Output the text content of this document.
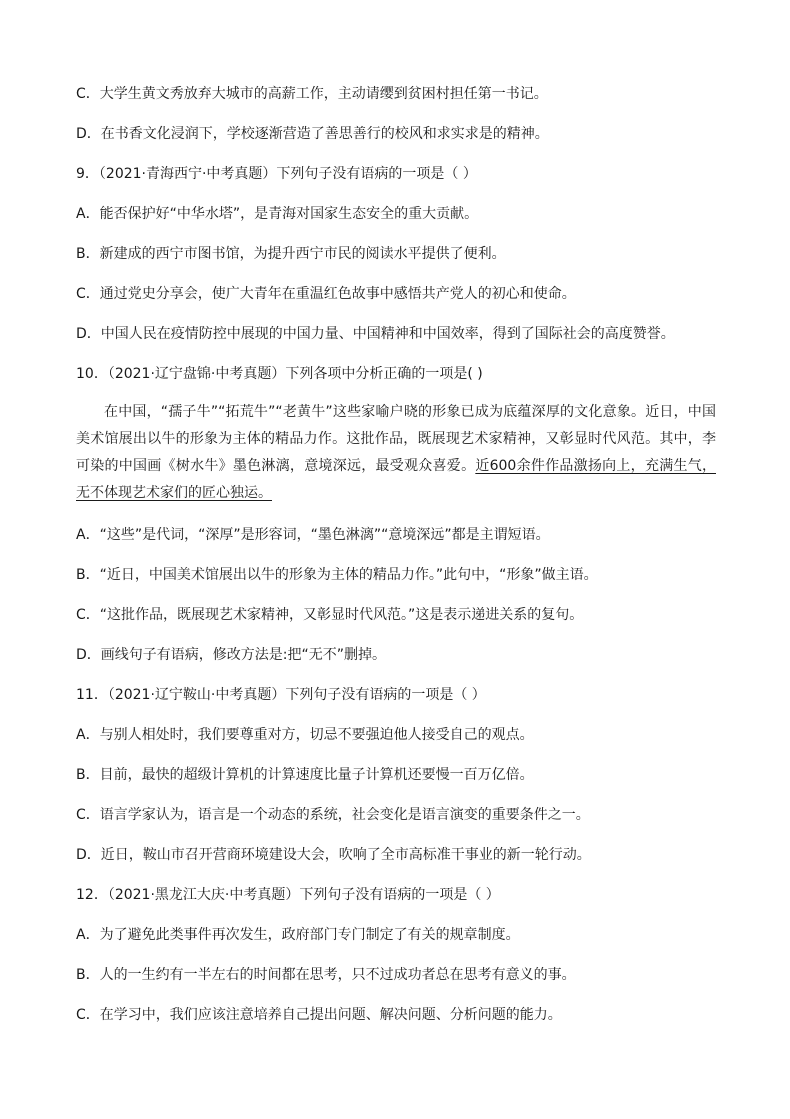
C．大学生黄文秀放弃大城市的高薪工作，主动请缨到贫困村担任第一书记。
D．在书香文化浸润下，学校逐渐营造了善思善行的校风和求实求是的精神。
9．（2021·青海西宁·中考真题）下列句子没有语病的一项是（ ）
A．能否保护好“中华水塔”，是青海对国家生态安全的重大贡献。
B．新建成的西宁市图书馆，为提升西宁市民的阅读水平提供了便利。
C．通过党史分享会，使广大青年在重温红色故事中感悟共产党人的初心和使命。
D．中国人民在疫情防控中展现的中国力量、中国精神和中国效率，得到了国际社会的高度赞誉。
10．（2021·辽宁盘锦·中考真题）下列各项中分析正确的一项是( )
在中国，“孺子牛”“拓荒牛”“老黄牛”这些家喻户晓的形象已成为底蕴深厚的文化意象。近日，中国美术馆展出以牛的形象为主体的精品力作。这批作品，既展现艺术家精神，又彰显时代风范。其中，李可染的中国画《树水牛》墨色淋漓，意境深远，最受观众喜爱。近600余件作品激扬向上，充满生气，无不体现艺术家们的匠心独运。
A．“这些”是代词，“深厚”是形容词，“墨色淋漓”“意境深远”都是主谓短语。
B．“近日，中国美术馆展出以牛的形象为主体的精品力作。”此句中，“形象”做主语。
C．“这批作品，既展现艺术家精神，又彰显时代风范。”这是表示递进关系的复句。
D．画线句子有语病，修改方法是:把“无不”删掉。
11．（2021·辽宁鞍山·中考真题）下列句子没有语病的一项是（ ）
A．与别人相处时，我们要尊重对方，切忌不要强迫他人接受自己的观点。
B．目前，最快的超级计算机的计算速度比量子计算机还要慢一百万亿倍。
C．语言学家认为，语言是一个动态的系统，社会变化是语言演变的重要条件之一。
D．近日，鞍山市召开营商环境建设大会，吹响了全市高标准干事业的新一轮行动。
12．（2021·黑龙江大庆·中考真题）下列句子没有语病的一项是（ ）
A．为了避免此类事件再次发生，政府部门专门制定了有关的规章制度。
B．人的一生约有一半左右的时间都在思考，只不过成功者总在思考有意义的事。
C．在学习中，我们应该注意培养自己提出问题、解决问题、分析问题的能力。
